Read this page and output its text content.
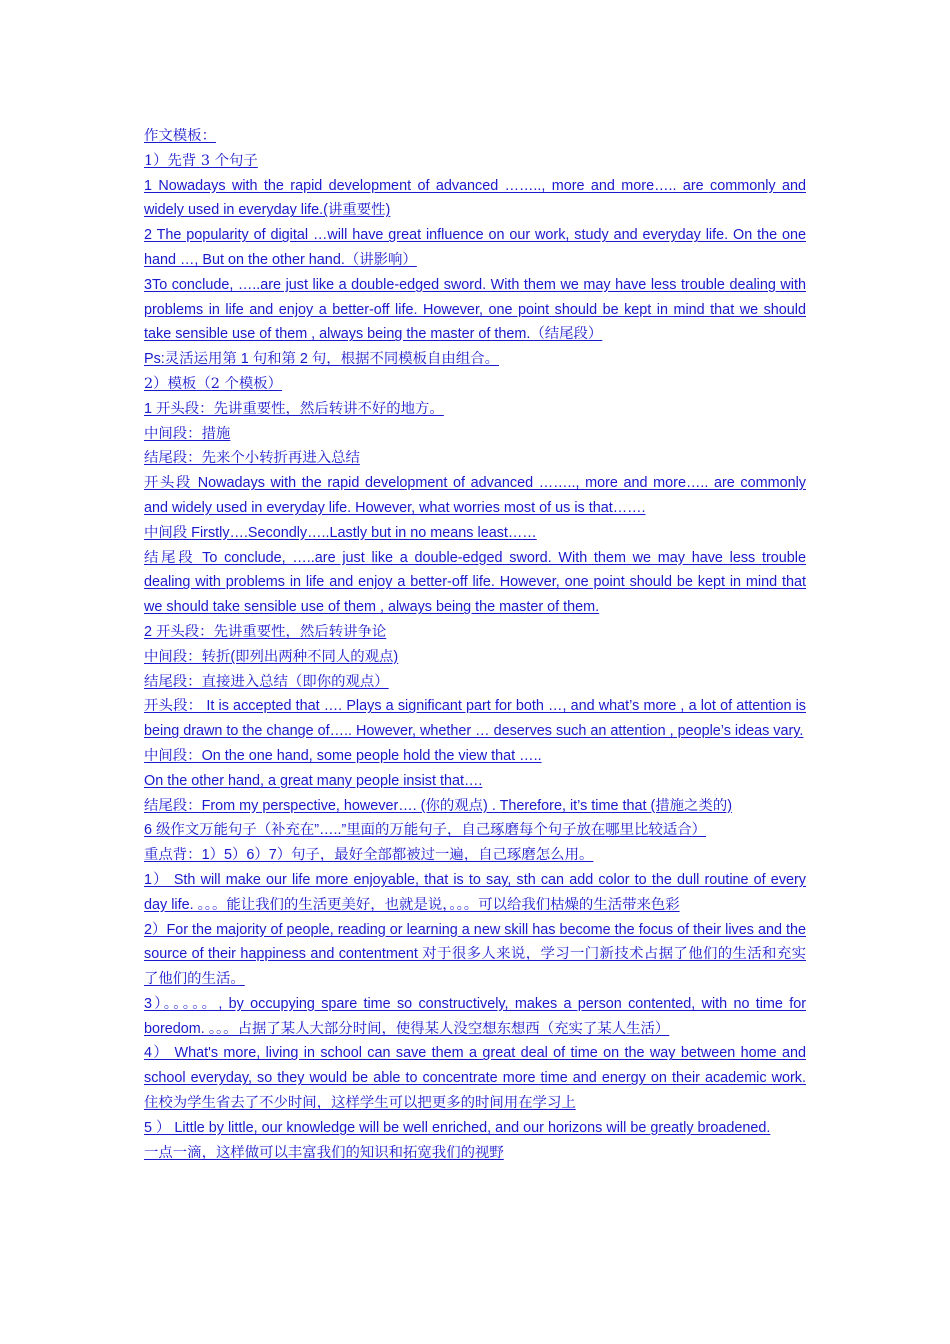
作文模板：

1）先背 3 个句子

1 Nowadays with the rapid development of advanced …….., more and more….. are commonly and widely used in everyday life.(讲重要性)

2 The popularity of digital …will have great influence on our work, study and everyday life. On the one hand …, But on the other hand.（讲影响）

3To conclude, …..are just like a double-edged sword. With them we may have less trouble dealing with problems in life and enjoy a better-off life. However, one point should be kept in mind that we should take sensible use of them , always being the master of them.（结尾段）

Ps:灵活运用第 1 句和第 2 句，根据不同模板自由组合。

2）模板（2 个模板）

1 开头段：先讲重要性，然后转讲不好的地方。

中间段：措施

结尾段：先来个小转折再进入总结

开头段 Nowadays with the rapid development of advanced …….., more and more….. are commonly and widely used in everyday life. However, what worries most of us is that…….

中间段 Firstly….Secondly…..Lastly but in no means least……

结尾段 To conclude, …..are just like a double-edged sword. With them we may have less trouble dealing with problems in life and enjoy a better-off life. However, one point should be kept in mind that we should take sensible use of them , always being the master of them.

2 开头段：先讲重要性，然后转讲争论

中间段：转折(即列出两种不同人的观点)

结尾段：直接进入总结（即你的观点）

开头段： It is accepted that …. Plays a significant part for both …, and what’s more , a lot of attention is being drawn to the change of….. However, whether … deserves such an attention , people’s ideas vary.

中间段：On the one hand, some people hold the view that …..

On the other hand, a great many people insist that….

结尾段：From my perspective, however…. (你的观点) . Therefore, it’s time that (措施之类的)

6 级作文万能句子（补充在”…..”里面的万能句子，自己琢磨每个句子放在哪里比较适合）

重点背：1）5）6）7）句子，最好全部都被过一遍，自己琢磨怎么用。

1） Sth will make our life more enjoyable, that is to say, sth can add color to the dull routine of every day life. 。。。能让我们的生活更美好，也就是说，。。。可以给我们枯燥的生活带来色彩

2）For the majority of people, reading or learning a new skill has become the focus of their lives and the source of their happiness and contentment 对于很多人来说，学习一门新技术占据了他们的生活和充实了他们的生活。

3）。。。。。, by occupying spare time so constructively, makes a person contented, with no time for boredom. 。。。占据了某人大部分时间，使得某人没空想东想西（充实了某人生活）

4） What's more, living in school can save them a great deal of time on the way between home and school everyday, so they would be able to concentrate more time and energy on their academic work. 住校为学生省去了不少时间，这样学生可以把更多的时间用在学习上

5 ） Little by little, our knowledge will be well enriched, and our horizons will be greatly broadened.

一点一滴，这样做可以丰富我们的知识和拓宽我们的视野
